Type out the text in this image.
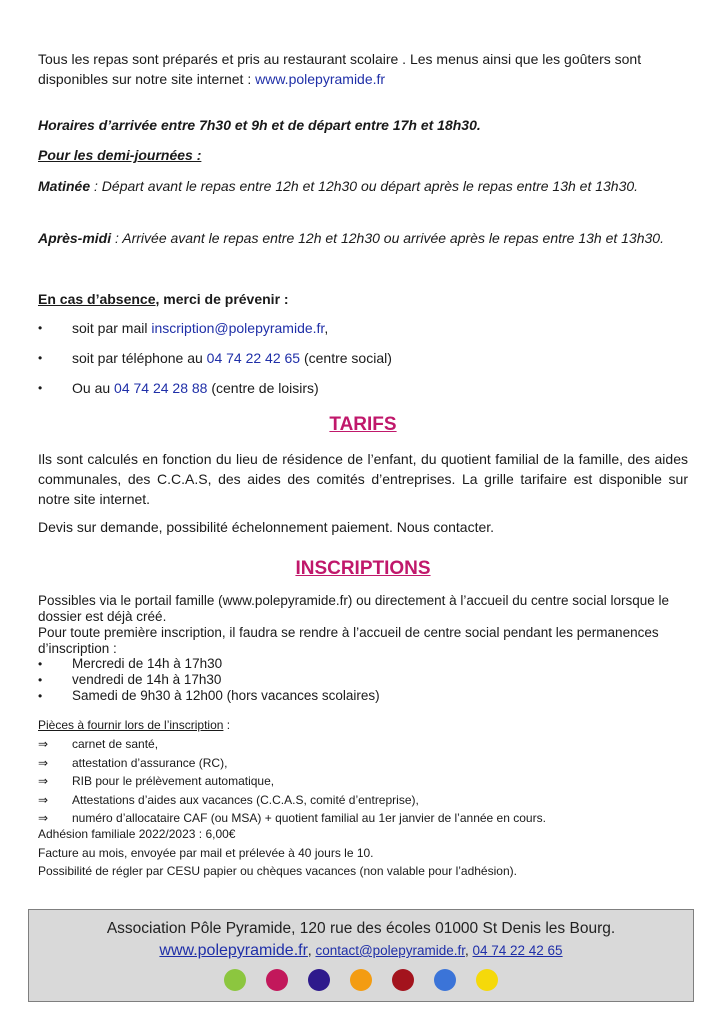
Tous les repas sont préparés et pris au restaurant scolaire . Les menus ainsi que les goûters sont disponibles sur notre site internet : www.polepyramide.fr

Horaires d’arrivée entre 7h30 et 9h et de départ entre 17h et 18h30.

Pour les demi-journées :

Matinée : Départ avant le repas entre 12h et 12h30 ou départ après le repas entre 13h et 13h30.

Après-midi : Arrivée avant le repas entre 12h et 12h30 ou arrivée après le repas entre 13h et 13h30.

En cas d’absence, merci de prévenir :

• soit par mail inscription@polepyramide.fr,
• soit par téléphone au 04 74 22 42 65 (centre social)
• Ou au 04 74 24 28 88 (centre de loisirs)
TARIFS

Ils sont calculés en fonction du lieu de résidence de l’enfant, du quotient familial de la famille, des aides communales, des C.C.A.S, des aides des comités d’entreprises. La grille tarifaire est disponible sur notre site internet.

Devis sur demande, possibilité échelonnement paiement. Nous contacter.

INSCRIPTIONS

Possibles via le portail famille (www.polepyramide.fr) ou directement à l’accueil du centre social lorsque le dossier est déjà créé.

Pour toute première inscription, il faudra se rendre à l’accueil de centre social pendant les permanences d’inscription :

• Mercredi de 14h à 17h30
• vendredi de 14h à 17h30
• Samedi de 9h30 à 12h00 (hors vacances scolaires)

Pièces à fournir lors de l’inscription :

⇒ carnet de santé,
⇒ attestation d’assurance (RC),
⇒ RIB pour le prélèvement automatique,
⇒ Attestations d’aides aux vacances (C.C.A.S, comité d’entreprise),
⇒ numéro d’allocataire CAF (ou MSA) + quotient familial au 1er janvier de l’année en cours.

Adhésion familiale 2022/2023 : 6,00€

Facture au mois, envoyée par mail et prélevée à 40 jours le 10.

Possibilité de régler par CESU papier ou chèques vacances (non valable pour l’adhésion).

Association Pôle Pyramide, 120 rue des écoles 01000 St Denis les Bourg.
www.polepyramide.fr, contact@polepyramide.fr, 04 74 22 42 65
